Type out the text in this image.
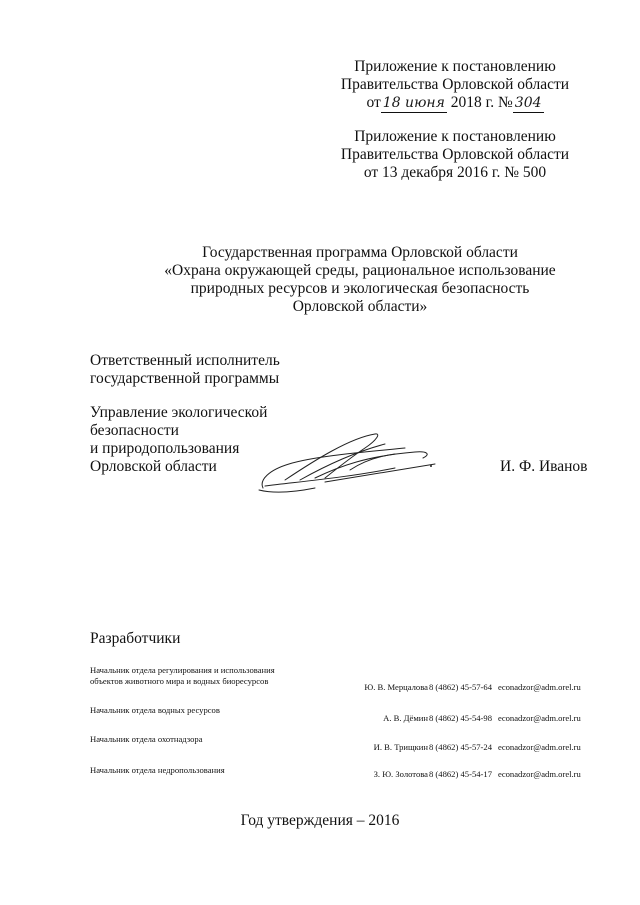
Приложение к постановлению
Правительства Орловской области
от 18 июня 2018 г. № 304
Приложение к постановлению
Правительства Орловской области
от 13 декабря 2016 г. № 500
Государственная программа Орловской области
«Охрана окружающей среды, рациональное использование
природных ресурсов и экологическая безопасность
Орловской области»
Ответственный исполнитель
государственной программы
Управление экологической
безопасности
и природопользования
Орловской области	И. Ф. Иванов
Разработчики
Начальник отдела регулирования и использования
объектов животного мира и водных биоресурсов
Ю. В. Мерцалова 8 (4862) 45-57-64 econadzor@adm.orel.ru
Начальник отдела водных ресурсов
А. В. Дёмин 8 (4862) 45-54-98 econadzor@adm.orel.ru
Начальник отдела охотнадзора
И. В. Трищкин 8 (4862) 45-57-24 econadzor@adm.orel.ru
Начальник отдела недропользования	З. Ю. Золотова 8 (4862) 45-54-17 econadzor@adm.orel.ru
Год утверждения – 2016
